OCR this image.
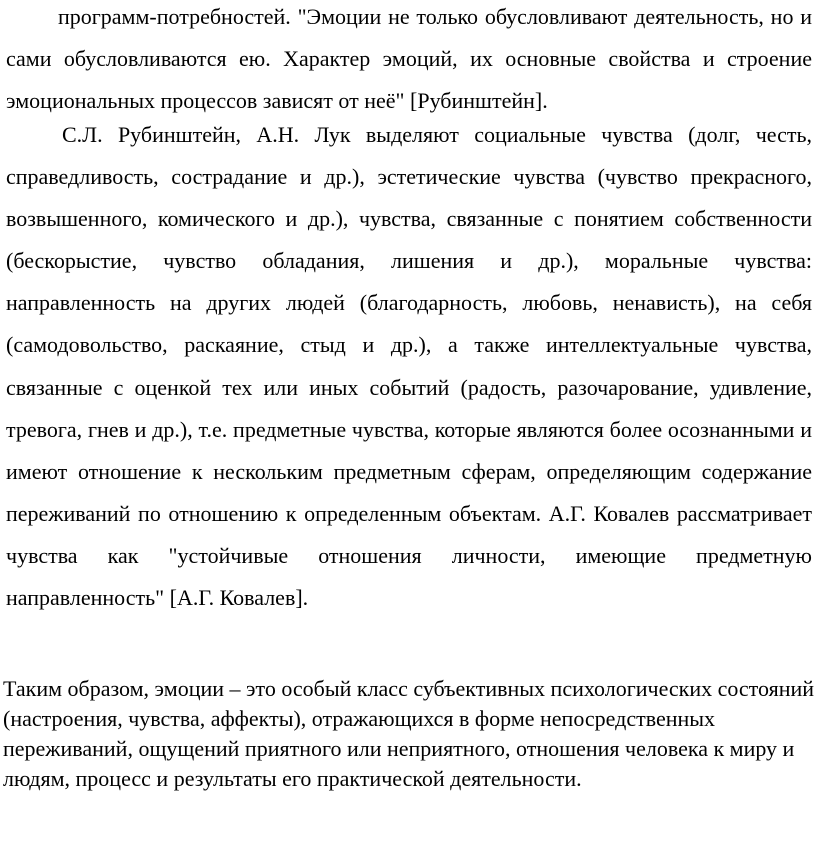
программ-потребностей. "Эмоции не только обусловливают деятельность, но и сами обусловливаются ею. Характер эмоций, их основные свойства и строение эмоциональных процессов зависят от неё" [Рубинштейн].

С.Л. Рубинштейн, А.Н. Лук выделяют социальные чувства (долг, честь, справедливость, сострадание и др.), эстетические чувства (чувство прекрасного, возвышенного, комического и др.), чувства, связанные с понятием собственности (бескорыстие, чувство обладания, лишения и др.), моральные чувства: направленность на других людей (благодарность, любовь, ненависть), на себя (самодовольство, раскаяние, стыд и др.), а также интеллектуальные чувства, связанные с оценкой тех или иных событий (радость, разочарование, удивление, тревога, гнев и др.), т.е. предметные чувства, которые являются более осознанными и имеют отношение к нескольким предметным сферам, определяющим содержание переживаний по отношению к определенным объектам. А.Г. Ковалев рассматривает чувства как "устойчивые отношения личности, имеющие предметную направленность" [А.Г. Ковалев].

Таким образом, эмоции – это особый класс субъективных психологических состояний (настроения, чувства, аффекты), отражающихся в форме непосредственных переживаний, ощущений приятного или неприятного, отношения человека к миру и людям, процесс и результаты его практической деятельности.
